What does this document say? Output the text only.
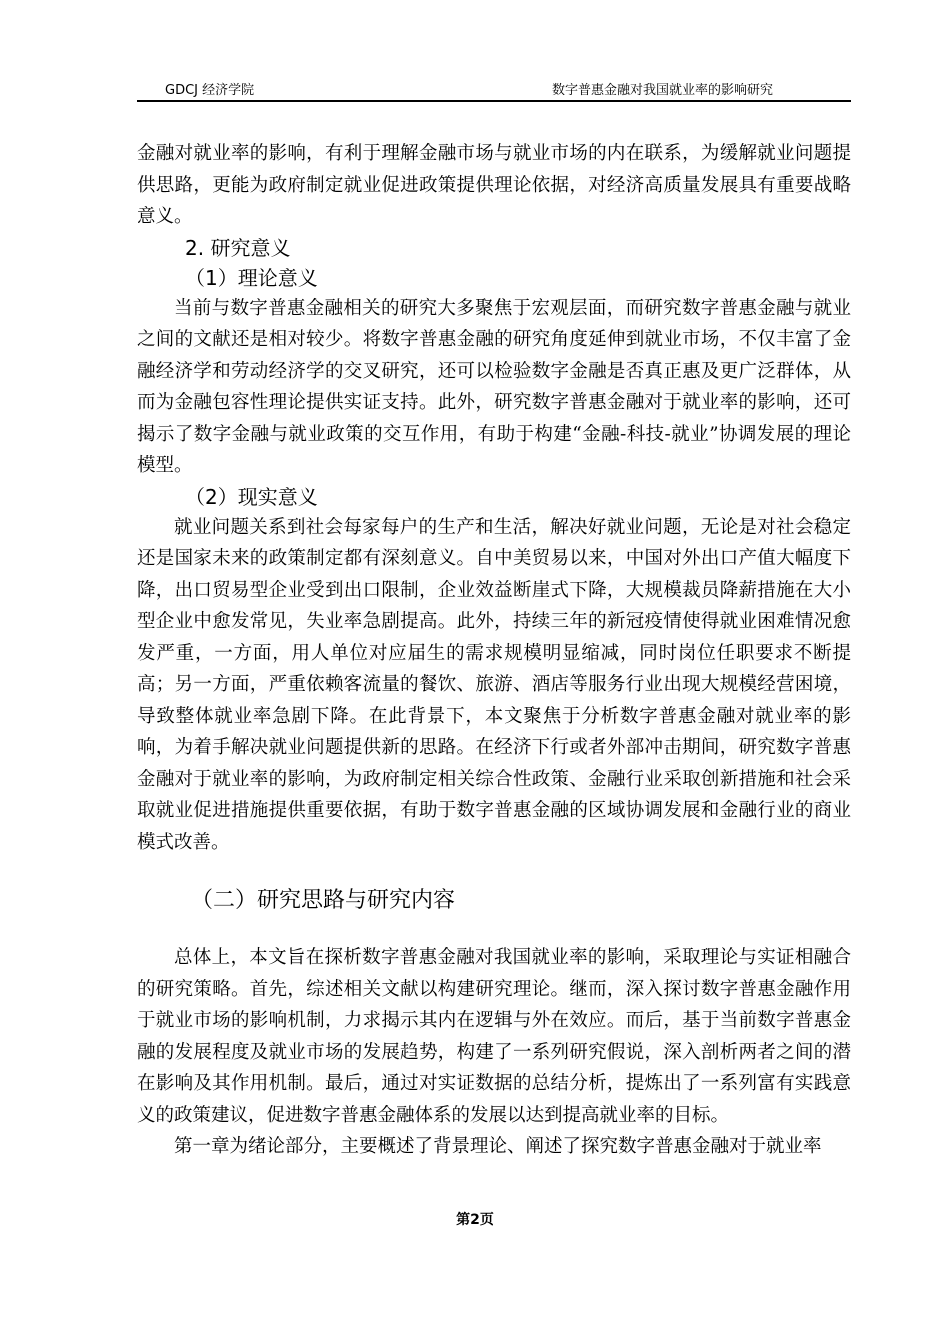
GDCJ 经济学院	数字普惠金融对我国就业率的影响研究

金融对就业率的影响，有利于理解金融市场与就业市场的内在联系，为缓解就业问题提供思路，更能为政府制定就业促进政策提供理论依据，对经济高质量发展具有重要战略意义。

2. 研究意义

（1）理论意义

当前与数字普惠金融相关的研究大多聚焦于宏观层面，而研究数字普惠金融与就业之间的文献还是相对较少。将数字普惠金融的研究角度延伸到就业市场，不仅丰富了金融经济学和劳动经济学的交叉研究，还可以检验数字金融是否真正惠及更广泛群体，从而为金融包容性理论提供实证支持。此外，研究数字普惠金融对于就业率的影响，还可揭示了数字金融与就业政策的交互作用，有助于构建“金融-科技-就业”协调发展的理论模型。

（2）现实意义

就业问题关系到社会每家每户的生产和生活，解决好就业问题，无论是对社会稳定还是国家未来的政策制定都有深刻意义。自中美贸易以来，中国对外出口产值大幅度下降，出口贸易型企业受到出口限制，企业效益断崖式下降，大规模裁员降薪措施在大小型企业中愈发常见，失业率急剧提高。此外，持续三年的新冠疫情使得就业困难情况愈发严重，一方面，用人单位对应届生的需求规模明显缩减，同时岗位任职要求不断提高；另一方面，严重依赖客流量的餐饮、旅游、酒店等服务行业出现大规模经营困境，导致整体就业率急剧下降。在此背景下，本文聚焦于分析数字普惠金融对就业率的影响，为着手解决就业问题提供新的思路。在经济下行或者外部冲击期间，研究数字普惠金融对于就业率的影响，为政府制定相关综合性政策、金融行业采取创新措施和社会采取就业促进措施提供重要依据，有助于数字普惠金融的区域协调发展和金融行业的商业模式改善。

（二）研究思路与研究内容

总体上，本文旨在探析数字普惠金融对我国就业率的影响，采取理论与实证相融合的研究策略。首先，综述相关文献以构建研究理论。继而，深入探讨数字普惠金融作用于就业市场的影响机制，力求揭示其内在逻辑与外在效应。而后，基于当前数字普惠金融的发展程度及就业市场的发展趋势，构建了一系列研究假说，深入剖析两者之间的潜在影响及其作用机制。最后，通过对实证数据的总结分析，提炼出了一系列富有实践意义的政策建议，促进数字普惠金融体系的发展以达到提高就业率的目标。

第一章为绪论部分，主要概述了背景理论、阐述了探究数字普惠金融对于就业率

第2页
